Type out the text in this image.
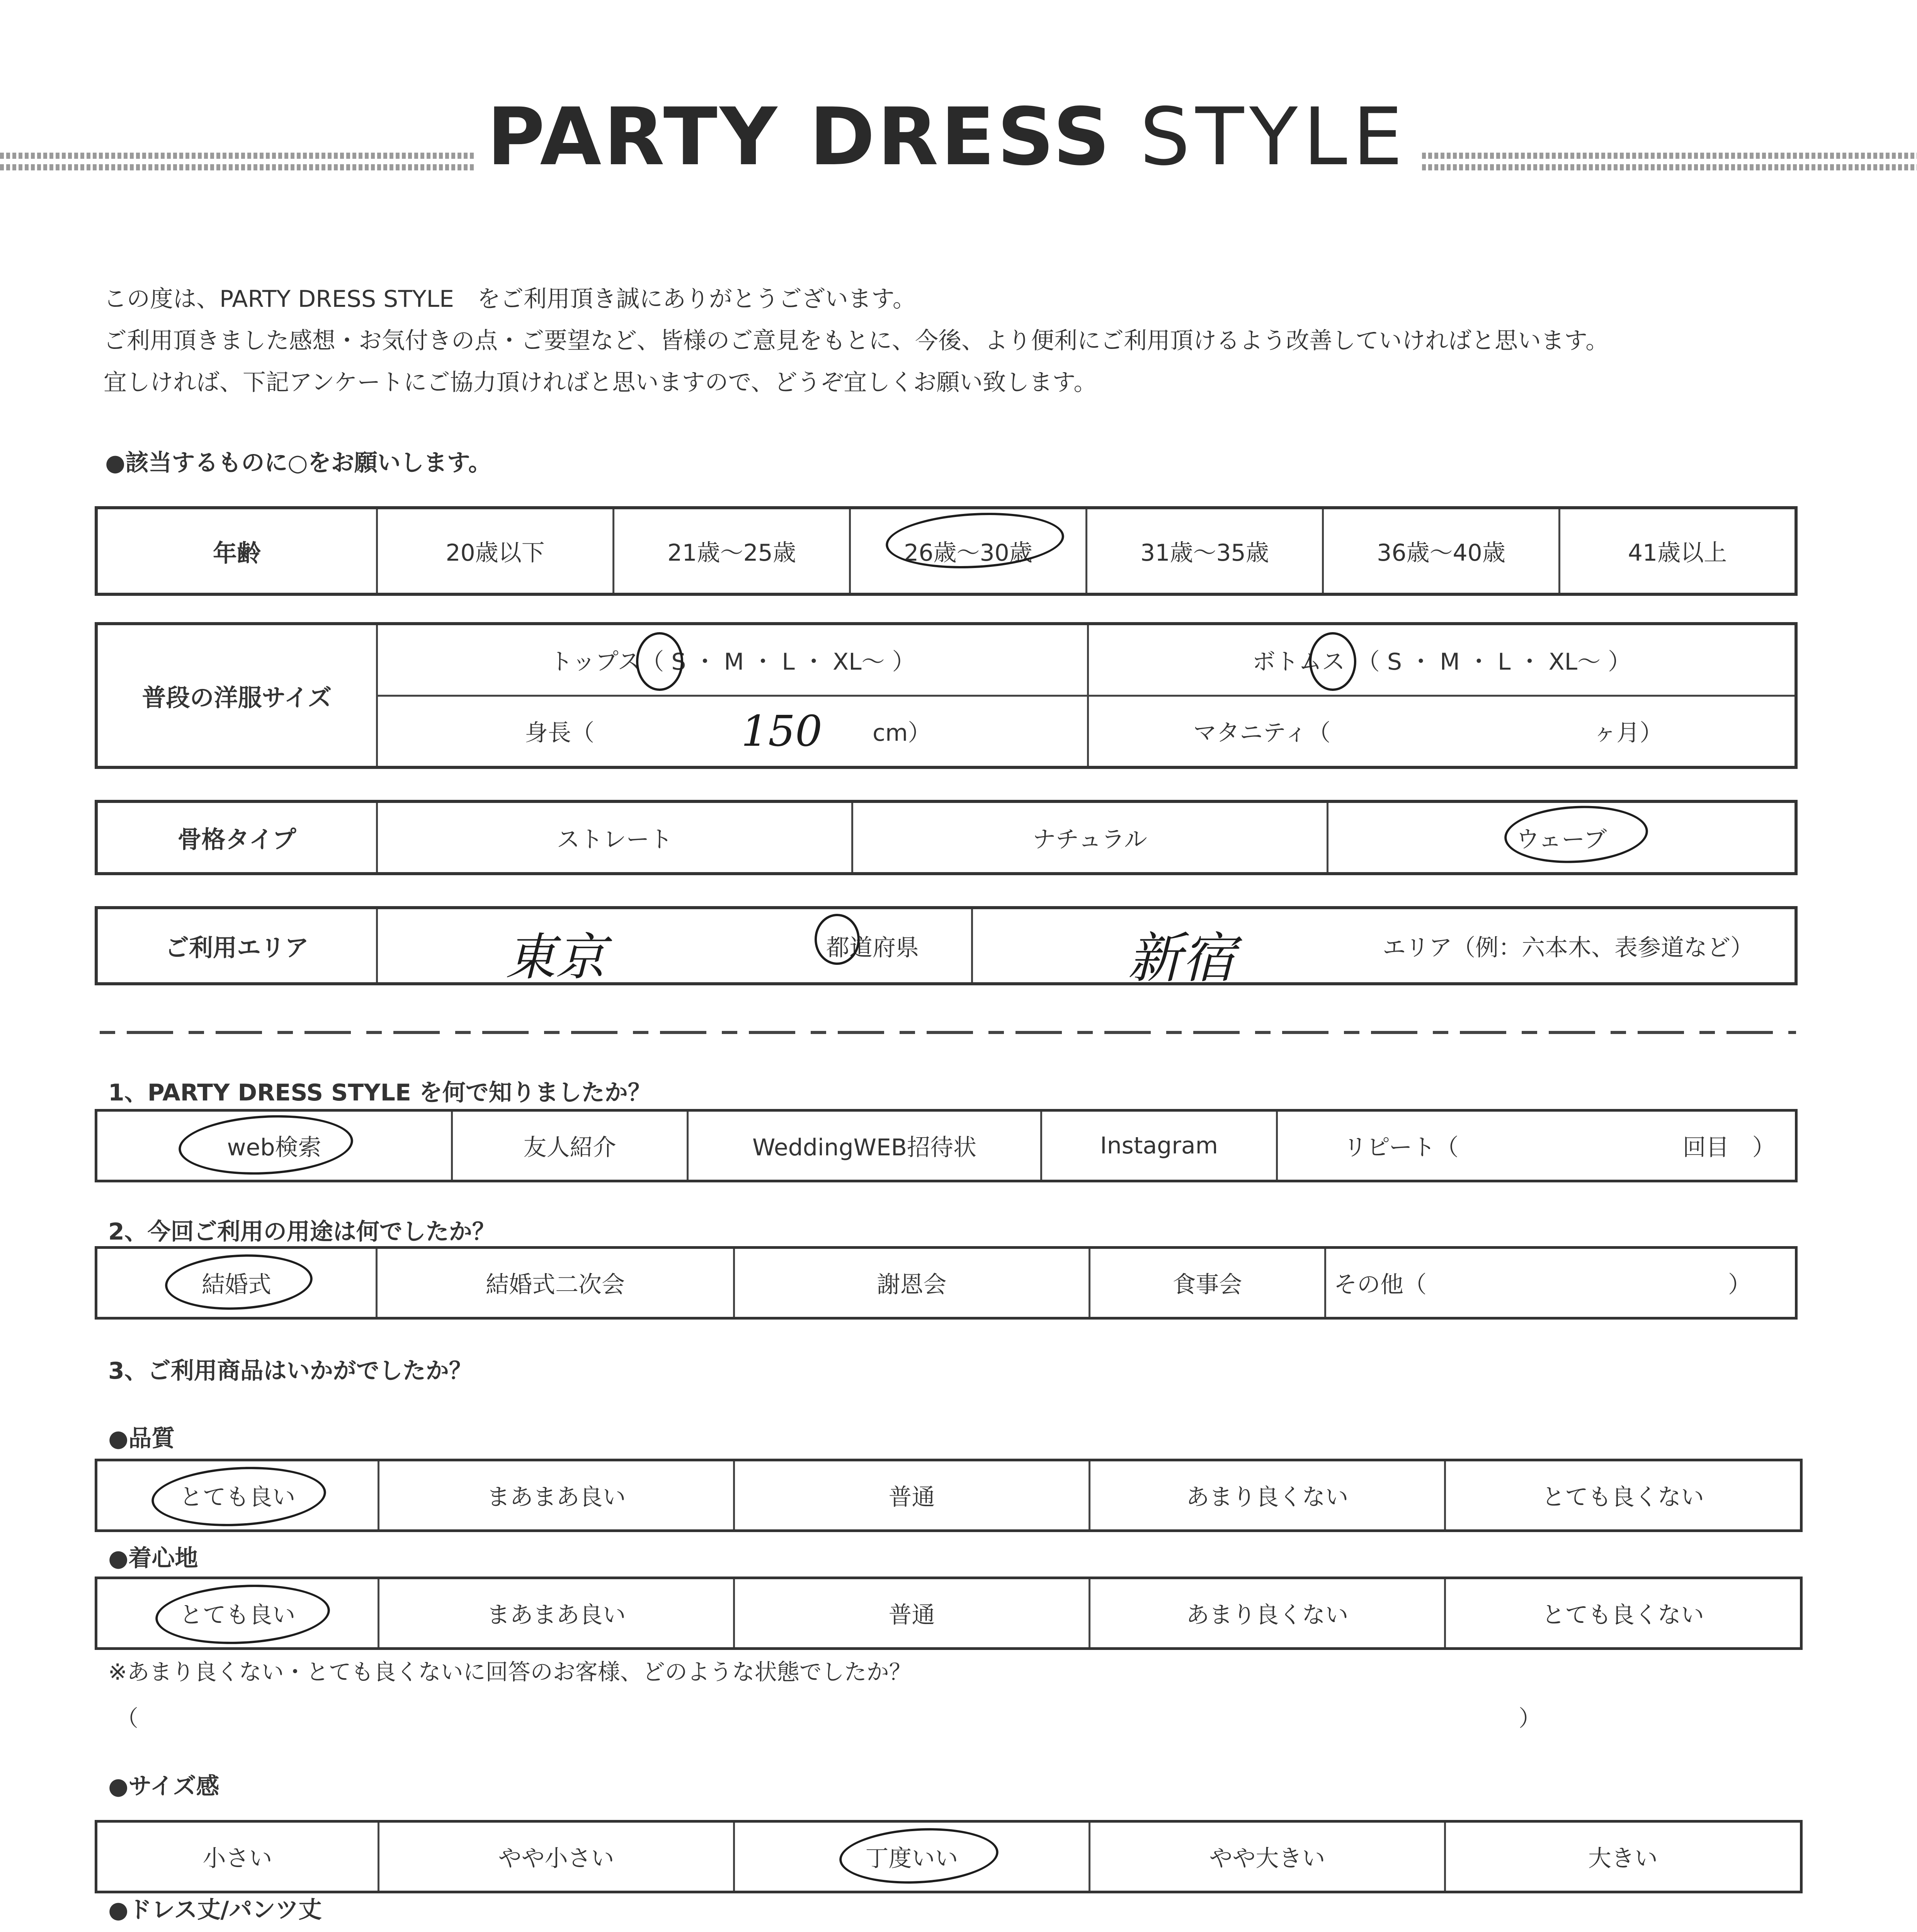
PARTY DRESS STYLE
この度は、PARTY DRESS STYLE　をご利用頂き誠にありがとうございます。
ご利用頂きました感想・お気付きの点・ご要望など、皆様のご意見をもとに、今後、より便利にご利用頂けるよう改善していければと思います。
宜しければ、下記アンケートにご協力頂ければと思いますので、どうぞ宜しくお願い致します。
●該当するものに○をお願いします。
年齢	20歳以下	21歳〜25歳	26歳〜30歳	31歳〜35歳	36歳〜40歳	41歳以上
普段の洋服サイズ
トップス（ S ・ M ・ L ・ XL〜 ）	ボトムス　（ S ・ M ・ L ・ XL〜 ）
身長（	150 cm）	マタニティ（	ヶ月）
骨格タイプ	ストレート	ナチュラル	ウェーブ
ご利用エリア	東京	都道府県	新宿	エリア（例：六本木、表参道など）
1、PARTY DRESS STYLE を何で知りましたか？
web検索	友人紹介	WeddingWEB招待状	Instagram	リピート（	回目　）
2、今回ご利用の用途は何でしたか？
結婚式	結婚式二次会	謝恩会	食事会	その他（	）
3、ご利用商品はいかがでしたか？
●品質
とても良い	まあまあ良い	普通	あまり良くない	とても良くない
●着心地
とても良い	まあまあ良い	普通	あまり良くない	とても良くない
※あまり良くない・とても良くないに回答のお客様、どのような状態でしたか？
（	）
●サイズ感
小さい	やや小さい	丁度いい	やや大きい	大きい
●ドレス丈/パンツ丈
